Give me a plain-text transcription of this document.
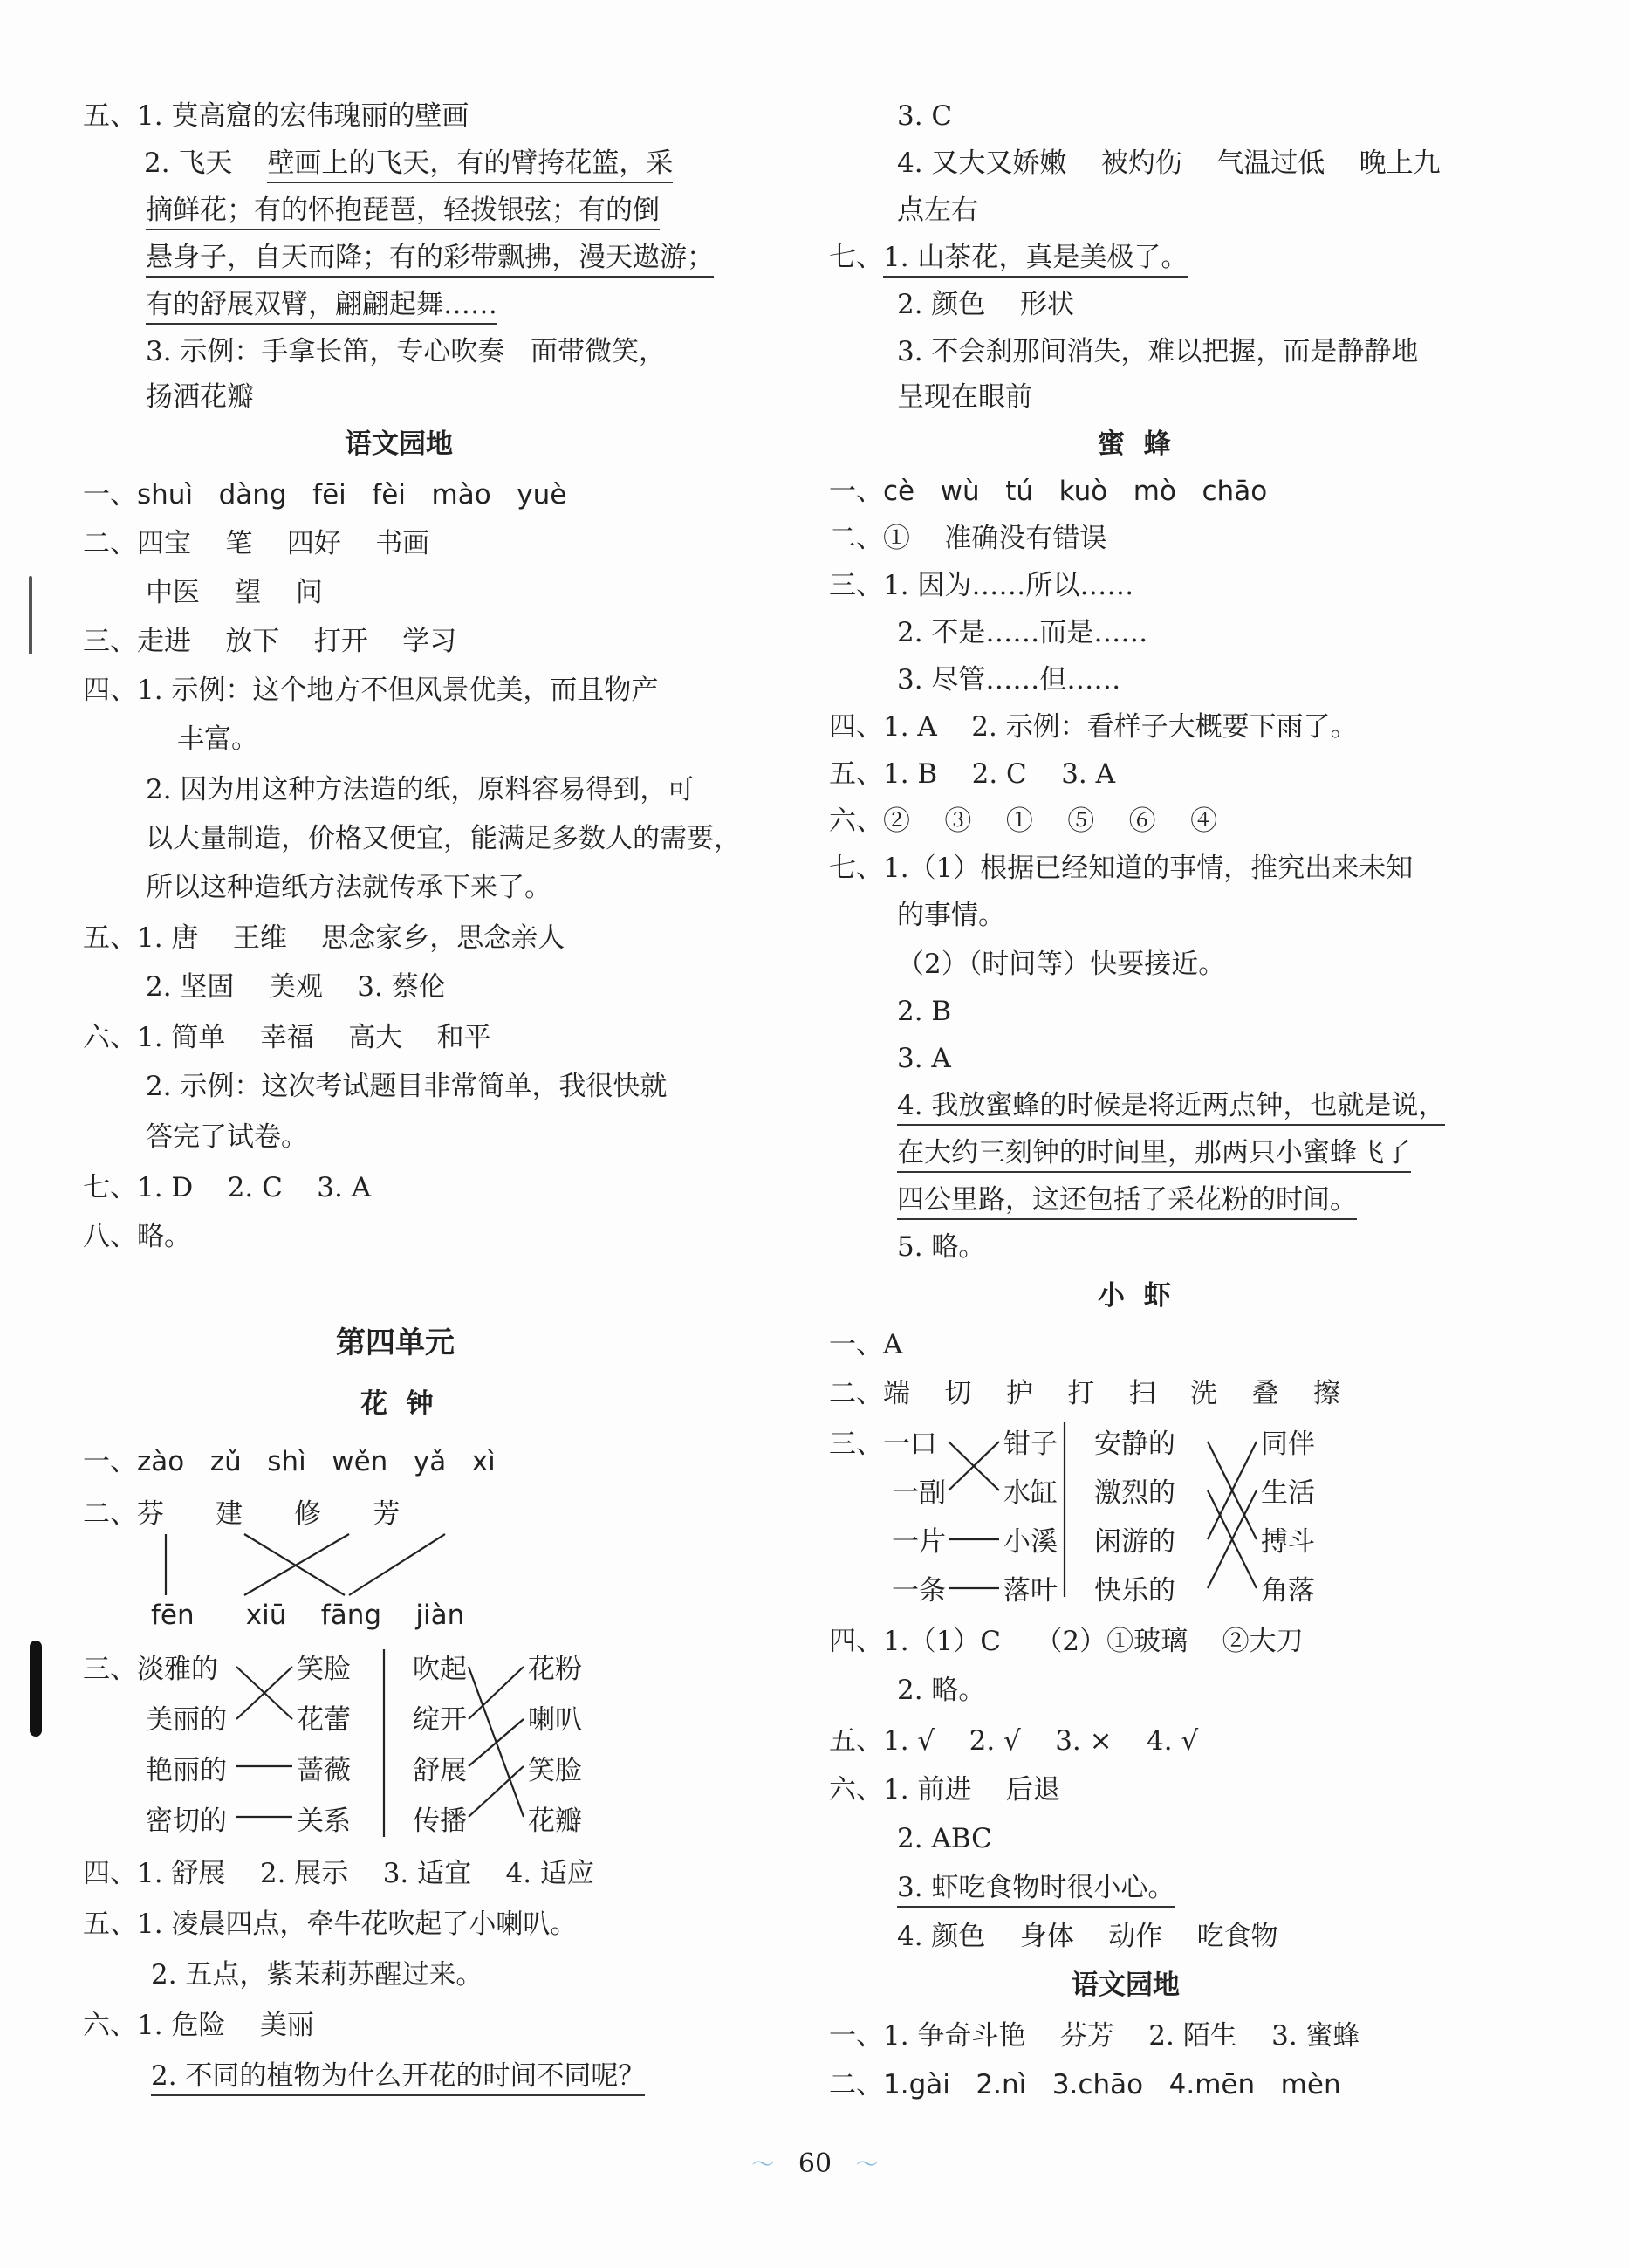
五、1. 莫高窟的宏伟瑰丽的壁画
2. 飞天 壁画上的飞天，有的臂挎花篮，采
摘鲜花；有的怀抱琵琶，轻拨银弦；有的倒
悬身子，自天而降；有的彩带飘拂，漫天遨游；
有的舒展双臂，翩翩起舞……
3. 示例：手拿长笛，专心吹奏   面带微笑，
扬洒花瓣
语文园地
一、shuì   dàng   fēi   fèi   mào   yuè
二、四宝    笔    四好    书画
中医    望    问
三、走进    放下    打开    学习
四、1. 示例：这个地方不但风景优美，而且物产
丰富。
2. 因为用这种方法造的纸，原料容易得到，可
以大量制造，价格又便宜，能满足多数人的需要，
所以这种造纸方法就传承下来了。
五、1. 唐    王维    思念家乡，思念亲人
2. 坚固    美观    3. 蔡伦
六、1. 简单    幸福    高大    和平
2. 示例：这次考试题目非常简单，我很快就
答完了试卷。
七、1. D    2. C    3. A
八、略。
第四单元
花  钟
一、zào   zǔ   shì   wěn   yǎ   xì
二、芬      建      修      芳
fēn      xiū    fāng    jiàn
三、淡雅的
美丽的
艳丽的
密切的
笑脸
花蕾
蔷薇
关系
吹起
绽开
舒展
传播
花粉
喇叭
笑脸
花瓣
四、1. 舒展    2. 展示    3. 适宜    4. 适应
五、1. 凌晨四点，牵牛花吹起了小喇叭。
2. 五点，紫茉莉苏醒过来。
六、1. 危险    美丽
2. 不同的植物为什么开花的时间不同呢？
3. C
4. 又大又娇嫩    被灼伤    气温过低    晚上九
点左右
七、1. 山茶花，真是美极了。
2. 颜色    形状
3. 不会刹那间消失，难以把握，而是静静地
呈现在眼前
蜜  蜂
一、cè   wù   tú   kuò   mò   chāo
二、①    准确没有错误
三、1. 因为……所以……
2. 不是……而是……
3. 尽管……但……
四、1. A    2. 示例：看样子大概要下雨了。
五、1. B    2. C    3. A
六、②    ③    ①    ⑤    ⑥    ④
七、1.（1）根据已经知道的事情，推究出来未知
的事情。
（2）（时间等）快要接近。
2. B
3. A
4. 我放蜜蜂的时候是将近两点钟，也就是说，
在大约三刻钟的时间里，那两只小蜜蜂飞了
四公里路，这还包括了采花粉的时间。
5. 略。
小  虾
一、A
二、端    切    护    打    扫    洗    叠    擦
三、一口
一副
一片
一条
钳子
水缸
小溪
落叶
安静的
激烈的
闲游的
快乐的
同伴
生活
搏斗
角落
四、1.（1）C    （2）①玻璃    ②大刀
2. 略。
五、1. √    2. √    3. ×    4. √
六、1. 前进    后退
2. ABC
3. 虾吃食物时很小心。
4. 颜色    身体    动作    吃食物
语文园地
一、1. 争奇斗艳    芬芳    2. 陌生    3. 蜜蜂
二、1.gài   2.nì   3.chāo   4.mēn   mèn
〜 60 〜
